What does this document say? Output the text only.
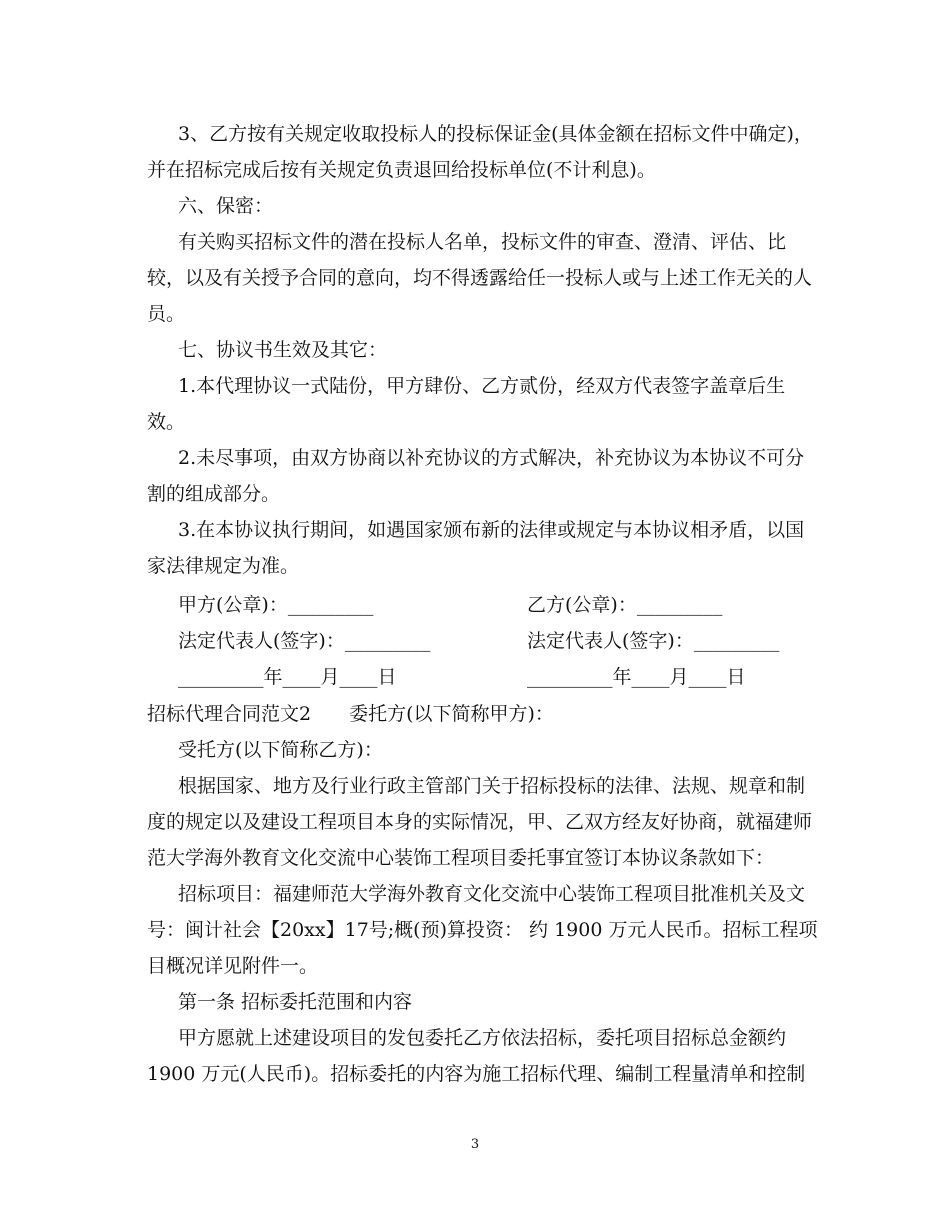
3、乙方按有关规定收取投标人的投标保证金(具体金额在招标文件中确定)，
并在招标完成后按有关规定负责退回给投标单位(不计利息)。
六、保密：
有关购买招标文件的潜在投标人名单，投标文件的审查、澄清、评估、比
较，以及有关授予合同的意向，均不得透露给任一投标人或与上述工作无关的人
员。
七、协议书生效及其它：
1.本代理协议一式陆份，甲方肆份、乙方贰份，经双方代表签字盖章后生
效。
2.未尽事项，由双方协商以补充协议的方式解决，补充协议为本协议不可分
割的组成部分。
3.在本协议执行期间，如遇国家颁布新的法律或规定与本协议相矛盾，以国
家法律规定为准。
甲方(公章)：_________	乙方(公章)：_________
法定代表人(签字)：_________	法定代表人(签字)：_________
_________年____月____日	_________年____月____日
招标代理合同范文2　　委托方(以下简称甲方)：
受托方(以下简称乙方)：
根据国家、地方及行业行政主管部门关于招标投标的法律、法规、规章和制
度的规定以及建设工程项目本身的实际情况，甲、乙双方经友好协商，就福建师
范大学海外教育文化交流中心装饰工程项目委托事宜签订本协议条款如下：
招标项目：福建师范大学海外教育文化交流中心装饰工程项目批准机关及文
号：闽计社会【20xx】17号;概(预)算投资： 约 1900 万元人民币。招标工程项
目概况详见附件一。
第一条 招标委托范围和内容
甲方愿就上述建设项目的发包委托乙方依法招标，委托项目招标总金额约
1900 万元(人民币)。招标委托的内容为施工招标代理、编制工程量清单和控制
3
